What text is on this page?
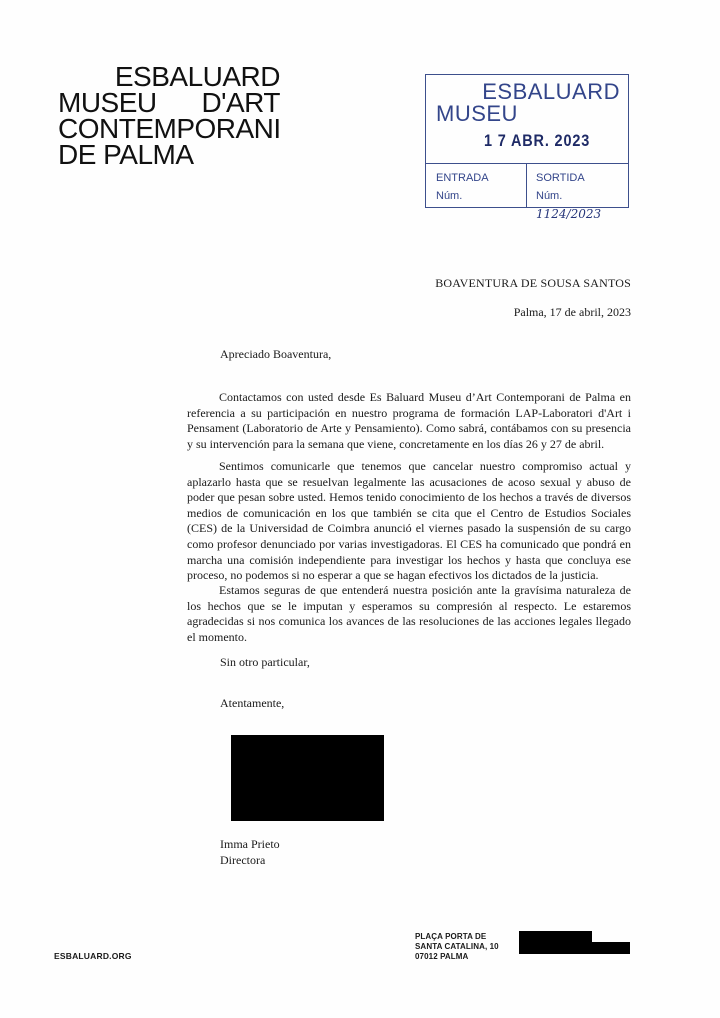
ESBALUARD
MUSEU D'ART
CONTEMPORANI
DE PALMA
ESBALUARD
MUSEU
1 7 ABR. 2023
ENTRADA
Núm.
SORTIDA
Núm. 1124/2023
BOAVENTURA DE SOUSA SANTOS
Palma, 17 de abril, 2023
Apreciado Boaventura,

Contactamos con usted desde Es Baluard Museu d’Art Contemporani de Palma en referencia a su participación en nuestro programa de formación LAP-Laboratori d'Art i Pensament (Laboratorio de Arte y Pensamiento). Como sabrá, contábamos con su presencia y su intervención para la semana que viene, concretamente en los días 26 y 27 de abril.

Sentimos comunicarle que tenemos que cancelar nuestro compromiso actual y aplazarlo hasta que se resuelvan legalmente las acusaciones de acoso sexual y abuso de poder que pesan sobre usted. Hemos tenido conocimiento de los hechos a través de diversos medios de comunicación en los que también se cita que el Centro de Estudios Sociales (CES) de la Universidad de Coimbra anunció el viernes pasado la suspensión de su cargo como profesor denunciado por varias investigadoras. El CES ha comunicado que pondrá en marcha una comisión independiente para investigar los hechos y hasta que concluya ese proceso, no podemos si no esperar a que se hagan efectivos los dictados de la justicia.

Estamos seguras de que entenderá nuestra posición ante la gravísima naturaleza de los hechos que se le imputan y esperamos su compresión al respecto. Le estaremos agradecidas si nos comunica los avances de las resoluciones de las acciones legales llegado el momento.

Sin otro particular,
Atentamente,
Imma Prieto
Directora
ESBALUARD.ORG
PLAÇA PORTA DE
SANTA CATALINA, 10
07012 PALMA
